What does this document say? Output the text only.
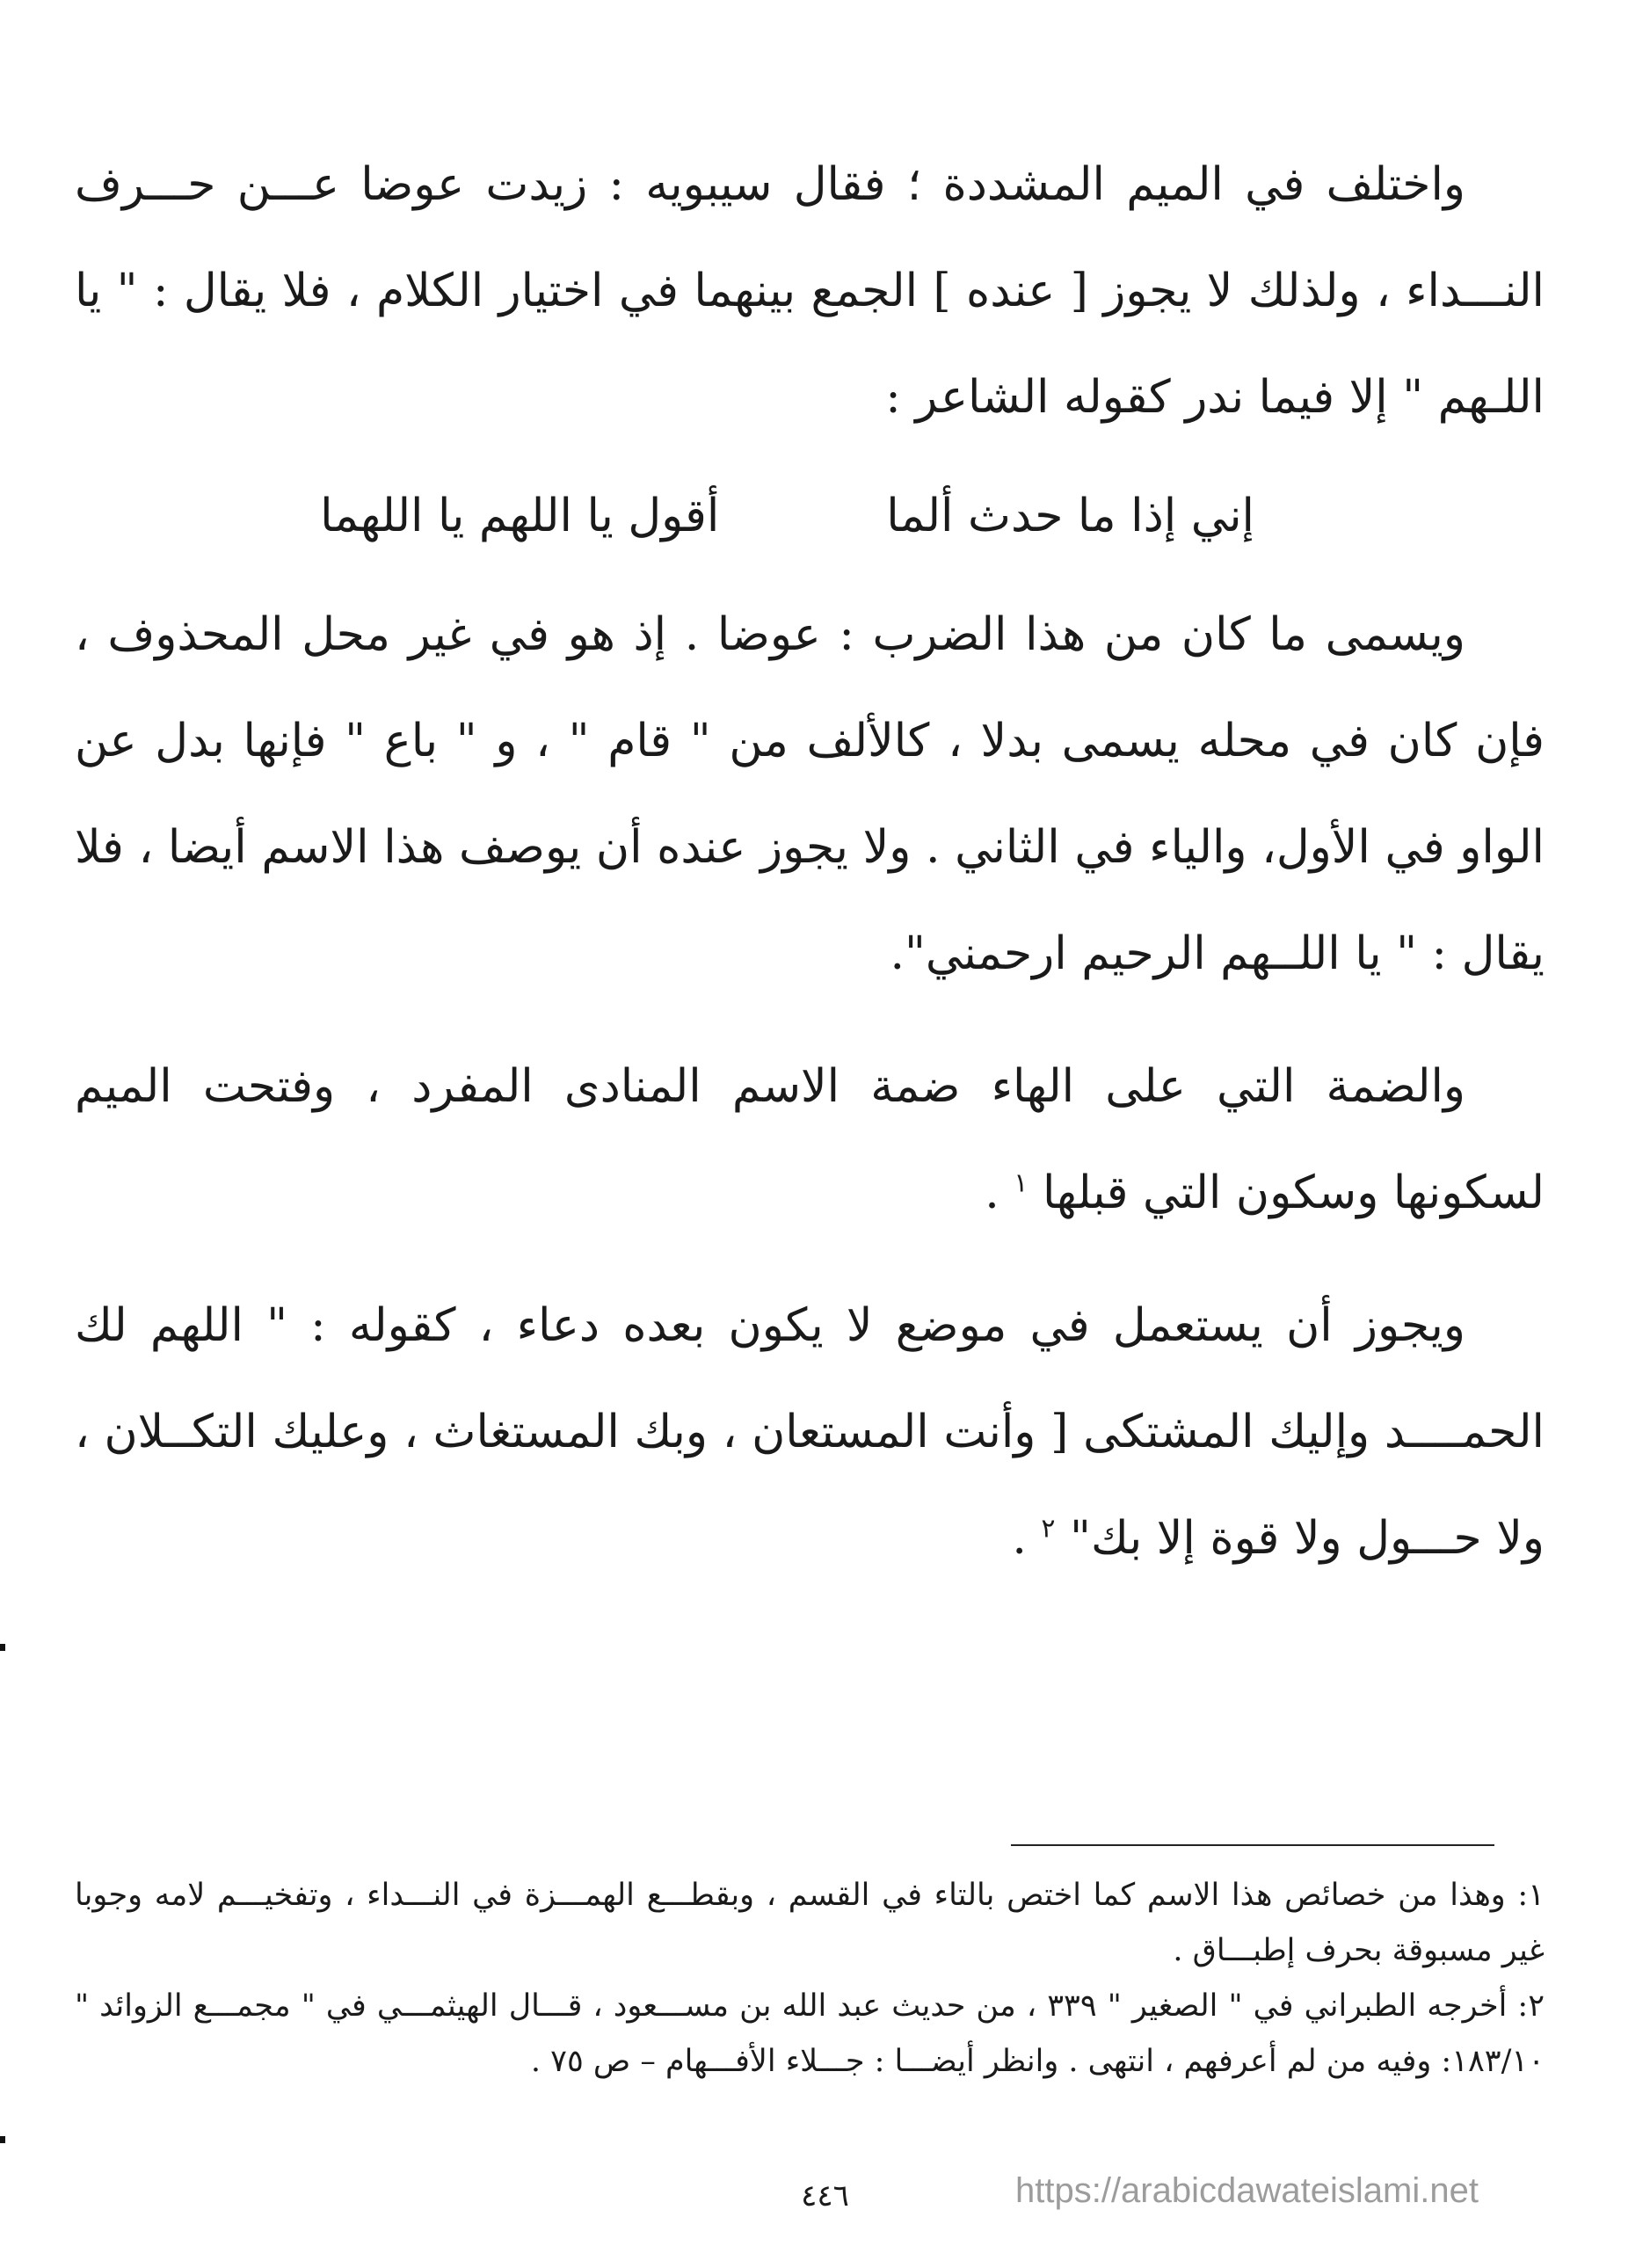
واختلف في الميم المشددة ؛ فقال سيبويه : زيدت عوضا عـــن حـــرف النـــداء ، ولذلك لا يجوز [ عنده ] الجمع بينهما في اختيار الكلام ، فلا يقال : " يا اللـهم " إلا فيما ندر كقوله الشاعر :

إني إذا ما حدث ألما
أقول يا اللهم يا اللهما

ويسمى ما كان من هذا الضرب : عوضا . إذ هو في غير محل المحذوف ، فإن كان في محله يسمى بدلا ، كالألف من " قام " ، و " باع " فإنها بدل عن الواو في الأول، والياء في الثاني . ولا يجوز عنده أن يوصف هذا الاسم أيضا ، فلا يقال : " يا اللــهم الرحيم ارحمني".

والضمة التي على الهاء ضمة الاسم المنادى المفرد ، وفتحت الميم لسكونها وسكون التي قبلها $^١$ .

ويجوز أن يستعمل في موضع لا يكون بعده دعاء ، كقوله : " اللهم لك الحمــــد وإليك المشتكى [ وأنت المستعان ، وبك المستغاث ، وعليك التكــلان ، ولا حـــول ولا قوة إلا بك" $^٢$ .

١: وهذا من خصائص هذا الاسم كما اختص بالتاء في القسم ، وبقطـــع الهمـــزة في النـــداء ، وتفخيـــم لامه وجوبا غير مسبوقة بحرف إطبـــاق .

٢: أخرجه الطبراني في " الصغير " ٣٣٩ ، من حديث عبد الله بن مســـعود ، قـــال الهيثمـــي في " مجمـــع الزوائد " ١٨٣/١٠: وفيه من لم أعرفهم ، انتهى . وانظر أيضـــا : جـــلاء الأفـــهام – ص ٧٥ .

٤٤٦	https://arabicdawateislami.net
